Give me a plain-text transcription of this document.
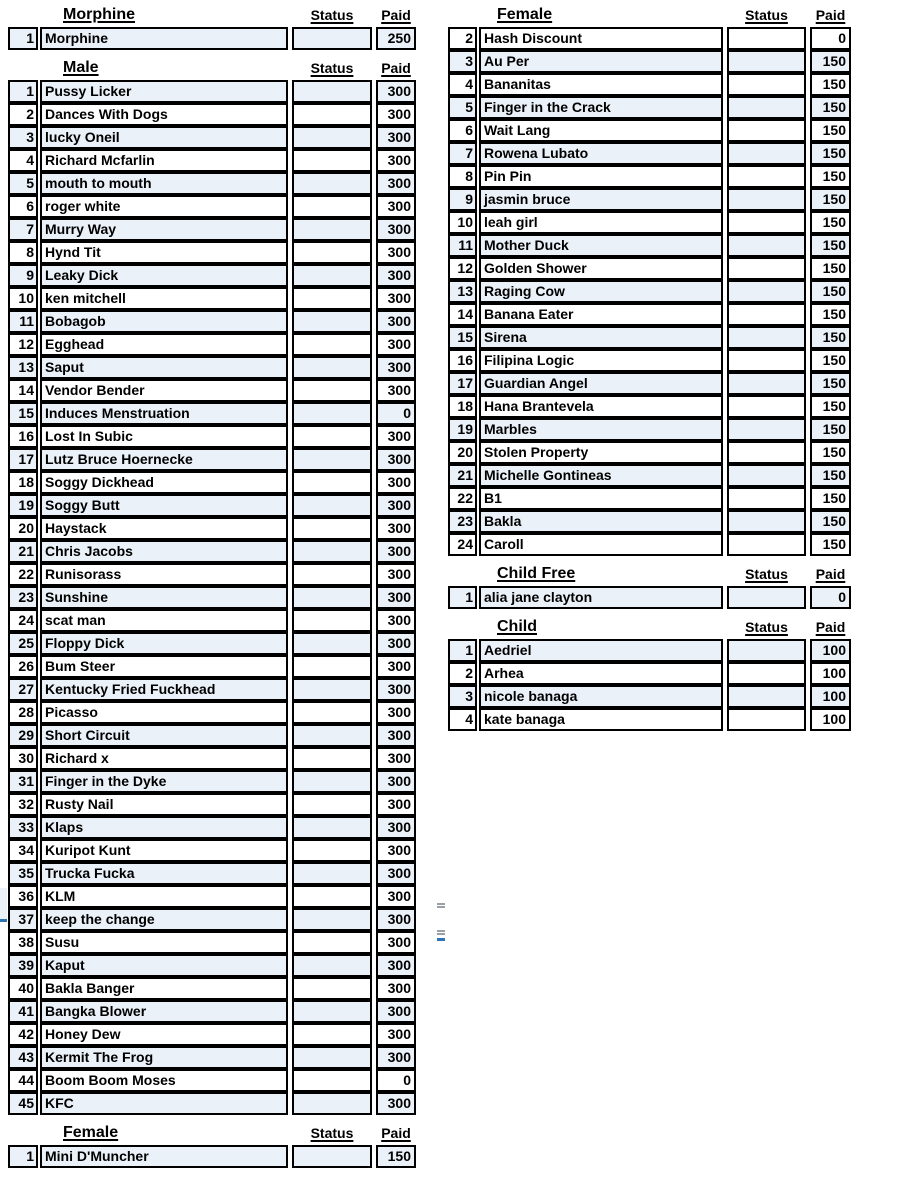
Morphine	Status	Paid
1 Morphine	250
Male	Status	Paid
1 Pussy Licker	300
2 Dances With Dogs	300
3 lucky Oneil	300
4 Richard Mcfarlin	300
5 mouth to mouth	300
6 roger white	300
7 Murry Way	300
8 Hynd Tit	300
9 Leaky Dick	300
10 ken mitchell	300
11 Bobagob	300
12 Egghead	300
13 Saput	300
14 Vendor Bender	300
15 Induces Menstruation	0
16 Lost In Subic	300
17 Lutz Bruce Hoernecke	300
18 Soggy Dickhead	300
19 Soggy Butt	300
20 Haystack	300
21 Chris Jacobs	300
22 Runisorass	300
23 Sunshine	300
24 scat man	300
25 Floppy Dick	300
26 Bum Steer	300
27 Kentucky Fried Fuckhead	300
28 Picasso	300
29 Short Circuit	300
30 Richard x	300
31 Finger in the Dyke	300
32 Rusty Nail	300
33 Klaps	300
34 Kuripot Kunt	300
35 Trucka Fucka	300
36 KLM	300
37 keep the change	300
38 Susu	300
39 Kaput	300
40 Bakla Banger	300
41 Bangka Blower	300
42 Honey Dew	300
43 Kermit The Frog	300
44 Boom Boom Moses	0
45 KFC	300
Female	Status	Paid
1 Mini D'Muncher	150
Female	Status	Paid
2 Hash Discount	0
3 Au Per	150
4 Bananitas	150
5 Finger in the Crack	150
6 Wait Lang	150
7 Rowena Lubato	150
8 Pin Pin	150
9 jasmin bruce	150
10 leah girl	150
11 Mother Duck	150
12 Golden Shower	150
13 Raging Cow	150
14 Banana Eater	150
15 Sirena	150
16 Filipina Logic	150
17 Guardian Angel	150
18 Hana Brantevela	150
19 Marbles	150
20 Stolen Property	150
21 Michelle Gontineas	150
22 B1	150
23 Bakla	150
24 Caroll	150
Child Free	Status	Paid
1 alia jane clayton	0
Child	Status	Paid
1 Aedriel	100
2 Arhea	100
3 nicole banaga	100
4 kate banaga	100
